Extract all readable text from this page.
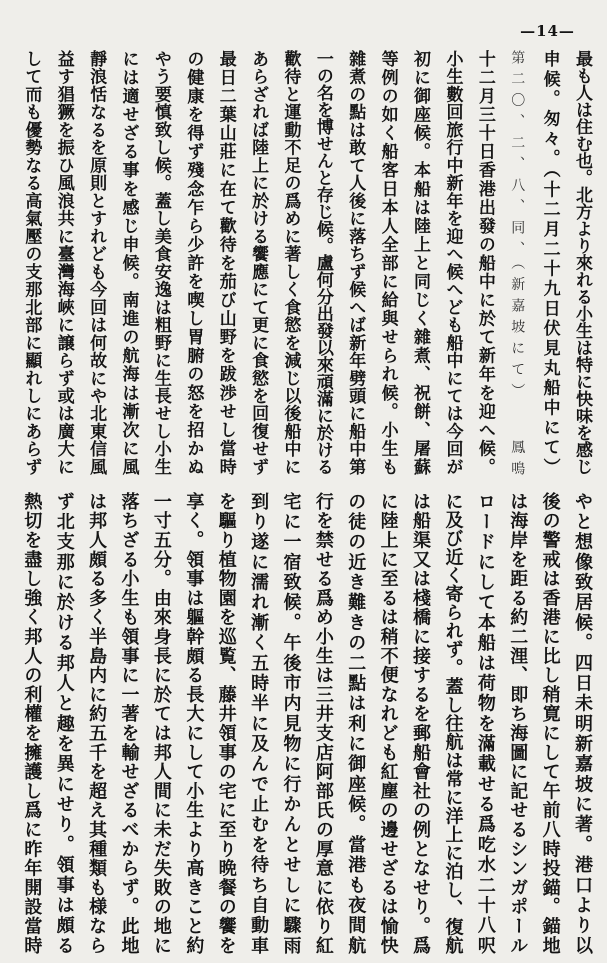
—14—
最も人は住む也。北方より來れる小生は特に快味を感じ
申候。匆々。（十二月二十九日伏見丸船中にて）
第二〇、二、八、同、（新嘉坡にて）　　鳳鳴
十二月三十日香港出發の船中に於て新年を迎へ候。
小生數回旅行中新年を迎へ候へども船中にては今回が
初に御座候。本船は陸上と同じく雜煮、祝餅、屠蘇
等例の如く船客日本人全部に給與せられ候。小生も
雜煮の點は敢て人後に落ちず候へば新年劈頭に船中第
一の名を博せんと存じ候。盧何分出發以來頑滿に於ける
歡待と運動不足の爲めに著しく食慾を減じ以後船中に
あらざれば陸上に於ける饗應にて更に食慾を回復せず
最日二葉山莊に在て歡待を茄び山野を跋渉せし當時
の健康を得ず殘念乍ら少許を喫し胃腑の怒を招かぬ
やう要慎致し候。蓋し美食安逸は粗野に生長せし小生
には適せざる事を感じ申候。南進の航海は漸次に風
靜浪恬なるを原則とすれども今回は何故にや北東信風
益す猖獗を振ひ風浪共に臺灣海峽に譲らず或は廣大に
して而も優勢なる高氣壓の支那北部に顯れしにあらず
やと想像致居候。四日未明新嘉坡に著。港口より以
後の警戒は香港に比し稍寛にして午前八時投錨。錨地
は海岸を距る約二浬、即ち海圖に記せるシンガポール
ロードにして本船は荷物を滿載せる爲吃水二十八呎
に及び近く寄られず。蓋し往航は常に洋上に泊し、復航
は船渠又は棧橋に接するを郵船會社の例となせり。爲
に陸上に至るは稍不便なれども紅塵の邊せざるは愉快
の徒の近き難きの二點は利に御座候。當港も夜間航
行を禁せる爲め小生は三井支店阿部氏の厚意に依り紅
宅に一宿致候。午後市内見物に行かんとせしに驟雨
到り遂に濡れ漸く五時半に及んで止むを待ち自動車
を驅り植物園を巡覧、藤井領事の宅に至り晩餐の饗を
享く。領事は軀幹頗る長大にして小生より高きこと約
一寸五分。由來身長に於ては邦人間に未だ失敗の地に
落ちざる小生も領事に一著を輸せざるべからず。此地
は邦人頗る多く半島内に約五千を超え其種類も様なら
ず北支那に於ける邦人と趣を異にせり。領事は頗る
熱切を盡し強く邦人の利權を擁護し爲に昨年開設當時
